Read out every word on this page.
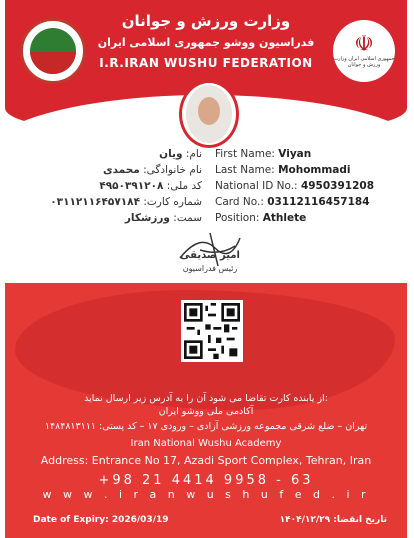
☫
جمهوری اسلامی ایران وزارت ورزش و جوانان
وزارت ورزش و جوانان
فدراسیون ووشو جمهوری اسلامی ایران
I.R.IRAN WUSHU FEDERATION
First Name: Viyan
Last Name: Mohommadi
National ID No.: 4950391208
Card No.: 03112116457184
Position: Athlete
نام: ویان
نام خانوادگی: محمدی
کد ملی: ۴۹۵۰۳۹۱۲۰۸
شماره کارت: ۰۳۱۱۲۱۱۶۴۵۷۱۸۴
سمت: ورزشکار
امیر صدیقی
رئیس فدراسیون
از یابنده کارت تقاضا می شود آن را به آدرس زیر ارسال نماید:
آکادمی ملی ووشو ایران
تهران – ضلع شرقی مجموعه ورزشی آزادی – ورودی ۱۷ – کد پستی: ۱۴۸۴۸۱۳۱۱۱
Iran National Wushu Academy
Address: Entrance No 17, Azadi Sport Complex, Tehran, Iran
+98 21 4414 9958 - 63
w w w . i r a n w u s h u f e d . i r
Date of Expiry: 2026/03/19	تاریخ انقضا: ۱۴۰۴/۱۲/۲۹
